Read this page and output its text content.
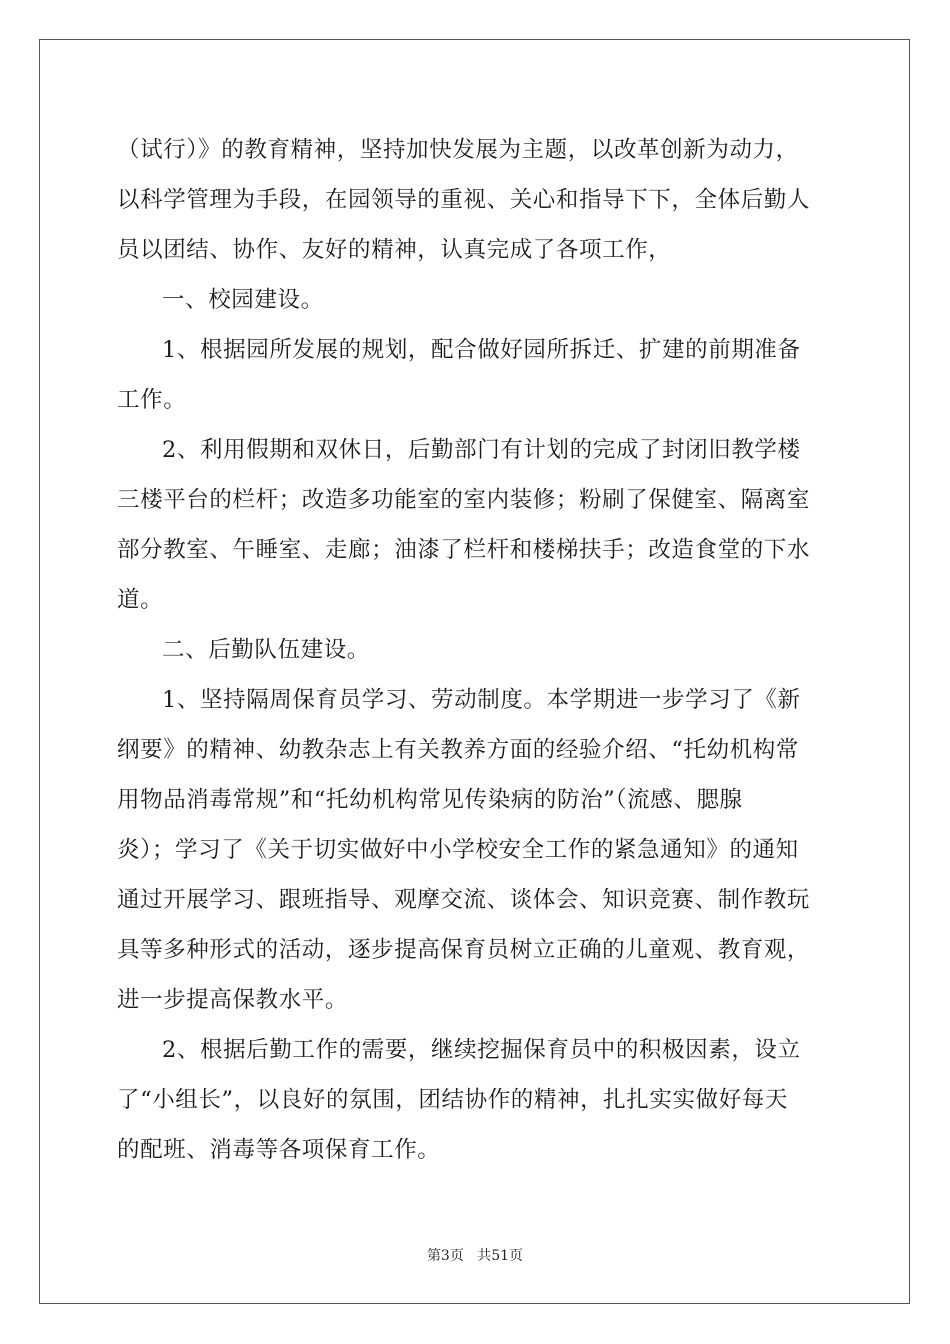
（试行）》的教育精神，坚持加快发展为主题，以改革创新为动力，
以科学管理为手段，在园领导的重视、关心和指导下下，全体后勤人
员以团结、协作、友好的精神，认真完成了各项工作，
一、校园建设。
1、根据园所发展的规划，配合做好园所拆迁、扩建的前期准备
工作。
2、利用假期和双休日，后勤部门有计划的完成了封闭旧教学楼
三楼平台的栏杆；改造多功能室的室内装修；粉刷了保健室、隔离室
部分教室、午睡室、走廊；油漆了栏杆和楼梯扶手；改造食堂的下水
道。
二、后勤队伍建设。
1、坚持隔周保育员学习、劳动制度。本学期进一步学习了《新
纲要》的精神、幼教杂志上有关教养方面的经验介绍、“托幼机构常
用物品消毒常规”和“托幼机构常见传染病的防治”（流感、腮腺
炎）；学习了《关于切实做好中小学校安全工作的紧急通知》的通知
通过开展学习、跟班指导、观摩交流、谈体会、知识竞赛、制作教玩
具等多种形式的活动，逐步提高保育员树立正确的儿童观、教育观，
进一步提高保教水平。
2、根据后勤工作的需要，继续挖掘保育员中的积极因素，设立
了“小组长”，以良好的氛围，团结协作的精神，扎扎实实做好每天
的配班、消毒等各项保育工作。
第3页 共51页
